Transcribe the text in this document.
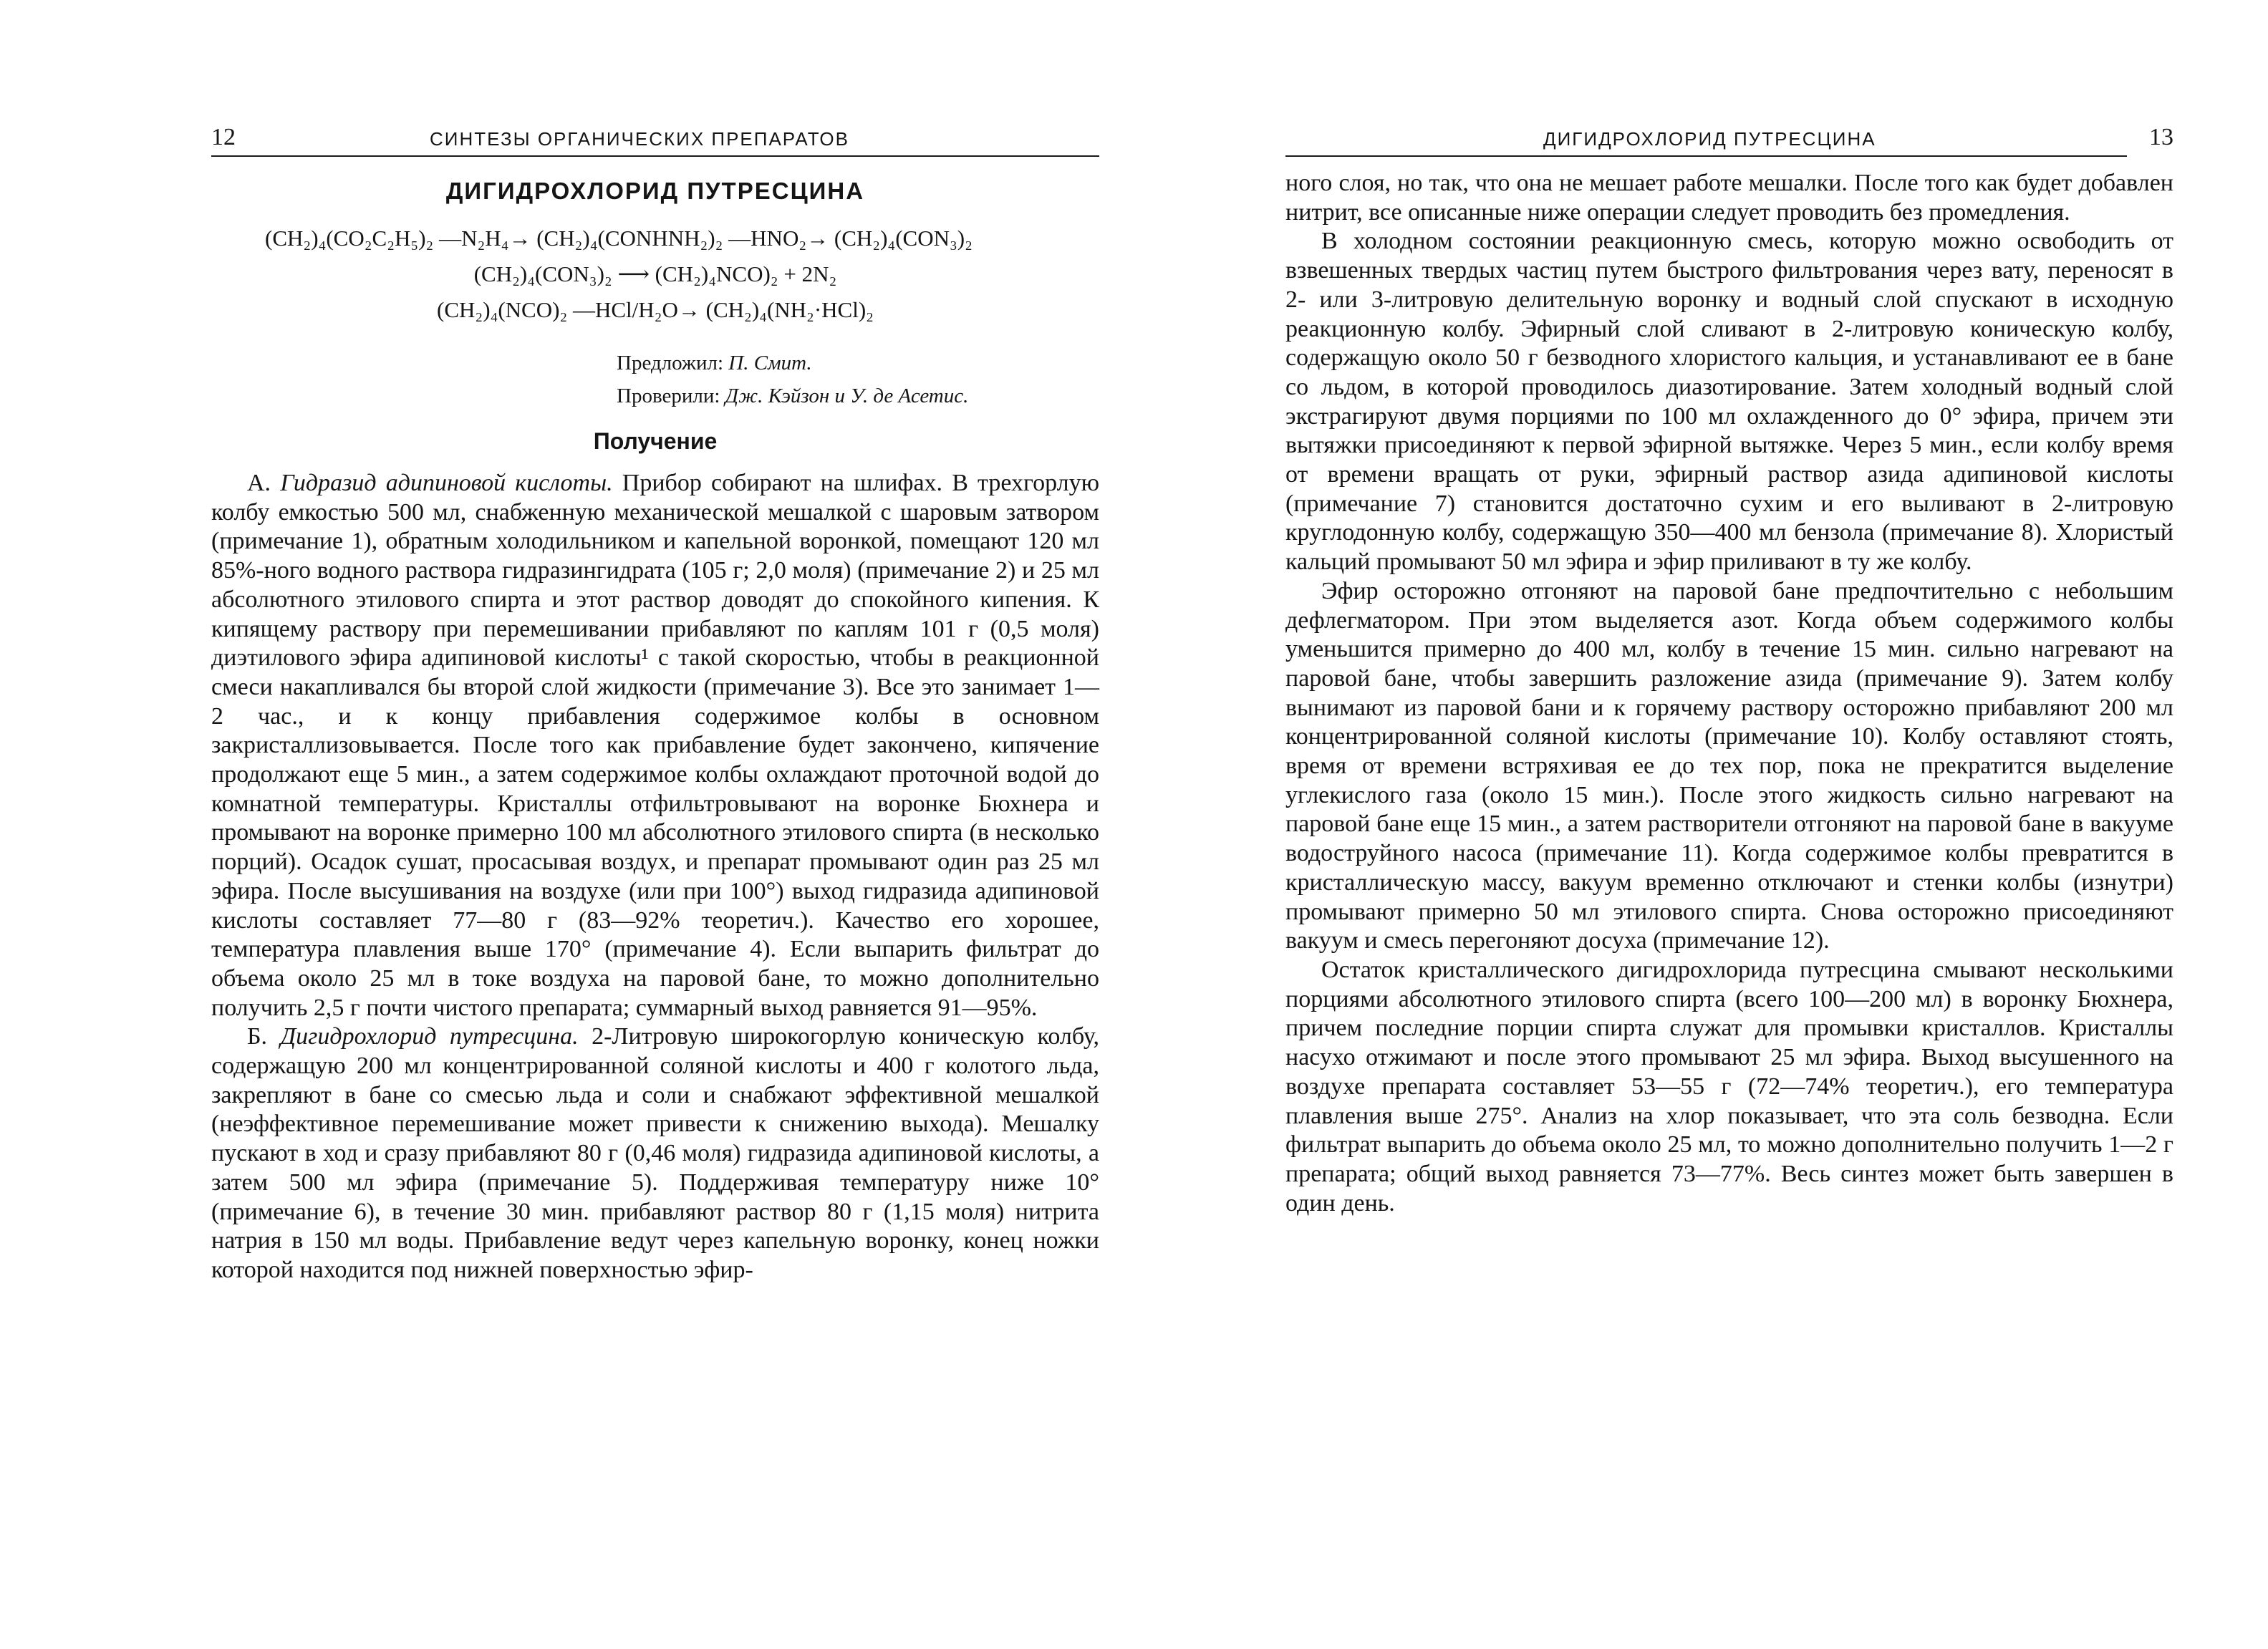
12	СИНТЕЗЫ ОРГАНИЧЕСКИХ ПРЕПАРАТОВ
ДИГИДРОХЛОРИД ПУТРЕСЦИНА
(CH₂)₄(CO₂C₂H₅)₂ —N₂H₄→ (CH₂)₄(CONHNH₂)₂ —HNO₂→ (CH₂)₄(CON₃)₂
(CH₂)₄(CON₃)₂ ⟶ (CH₂)₄NCO)₂ + 2N₂
(CH₂)₄(NCO)₂ —HCl/H₂O→ (CH₂)₄(NH₂·HCl)₂
Предложил: П. Смит.
Проверили: Дж. Кэйзон и У. де Асетис.
Получение

А. Гидразид адипиновой кислоты. Прибор собирают на шлифах. В трехгорлую колбу емкостью 500 мл, снабженную механической мешалкой с шаровым затвором (примечание 1), обратным холодильником и капельной воронкой, помещают 120 мл 85%-ного водного раствора гидразингидрата (105 г; 2,0 моля) (примечание 2) и 25 мл абсолютного этилового спирта и этот раствор доводят до спокойного кипения. К кипящему раствору при перемешивании прибавляют по каплям 101 г (0,5 моля) диэтилового эфира адипиновой кислоты¹ с такой скоростью, чтобы в реакционной смеси накапливался бы второй слой жидкости (примечание 3). Все это занимает 1—2 час., и к концу прибавления содержимое колбы в основном закристаллизовывается. После того как прибавление будет закончено, кипячение продолжают еще 5 мин., а затем содержимое колбы охлаждают проточной водой до комнатной температуры. Кристаллы отфильтровывают на воронке Бюхнера и промывают на воронке примерно 100 мл абсолютного этилового спирта (в несколько порций). Осадок сушат, просасывая воздух, и препарат промывают один раз 25 мл эфира. После высушивания на воздухе (или при 100°) выход гидразида адипиновой кислоты составляет 77—80 г (83—92% теоретич.). Качество его хорошее, температура плавления выше 170° (примечание 4). Если выпарить фильтрат до объема около 25 мл в токе воздуха на паровой бане, то можно дополнительно получить 2,5 г почти чистого препарата; суммарный выход равняется 91—95%.

Б. Дигидрохлорид путресцина. 2-Литровую широкогорлую коническую колбу, содержащую 200 мл концентрированной соляной кислоты и 400 г колотого льда, закрепляют в бане со смесью льда и соли и снабжают эффективной мешалкой (неэффективное перемешивание может привести к снижению выхода). Мешалку пускают в ход и сразу прибавляют 80 г (0,46 моля) гидразида адипиновой кислоты, а затем 500 мл эфира (примечание 5). Поддерживая температуру ниже 10° (примечание 6), в течение 30 мин. прибавляют раствор 80 г (1,15 моля) нитрита натрия в 150 мл воды. Прибавление ведут через капельную воронку, конец ножки которой находится под нижней поверхностью эфир-

ДИГИДРОХЛОРИД ПУТРЕСЦИНА	13

ного слоя, но так, что она не мешает работе мешалки. После того как будет добавлен нитрит, все описанные ниже операции следует проводить без промедления.

В холодном состоянии реакционную смесь, которую можно освободить от взвешенных твердых частиц путем быстрого фильтрования через вату, переносят в 2- или 3-литровую делительную воронку и водный слой спускают в исходную реакционную колбу. Эфирный слой сливают в 2-литровую коническую колбу, содержащую около 50 г безводного хлористого кальция, и устанавливают ее в бане со льдом, в которой проводилось диазотирование. Затем холодный водный слой экстрагируют двумя порциями по 100 мл охлажденного до 0° эфира, причем эти вытяжки присоединяют к первой эфирной вытяжке. Через 5 мин., если колбу время от времени вращать от руки, эфирный раствор азида адипиновой кислоты (примечание 7) становится достаточно сухим и его выливают в 2-литровую круглодонную колбу, содержащую 350—400 мл бензола (примечание 8). Хлористый кальций промывают 50 мл эфира и эфир приливают в ту же колбу.

Эфир осторожно отгоняют на паровой бане предпочтительно с небольшим дефлегматором. При этом выделяется азот. Когда объем содержимого колбы уменьшится примерно до 400 мл, колбу в течение 15 мин. сильно нагревают на паровой бане, чтобы завершить разложение азида (примечание 9). Затем колбу вынимают из паровой бани и к горячему раствору осторожно прибавляют 200 мл концентрированной соляной кислоты (примечание 10). Колбу оставляют стоять, время от времени встряхивая ее до тех пор, пока не прекратится выделение углекислого газа (около 15 мин.). После этого жидкость сильно нагревают на паровой бане еще 15 мин., а затем растворители отгоняют на паровой бане в вакууме водоструйного насоса (примечание 11). Когда содержимое колбы превратится в кристаллическую массу, вакуум временно отключают и стенки колбы (изнутри) промывают примерно 50 мл этилового спирта. Снова осторожно присоединяют вакуум и смесь перегоняют досуха (примечание 12).

Остаток кристаллического дигидрохлорида путресцина смывают несколькими порциями абсолютного этилового спирта (всего 100—200 мл) в воронку Бюхнера, причем последние порции спирта служат для промывки кристаллов. Кристаллы насухо отжимают и после этого промывают 25 мл эфира. Выход высушенного на воздухе препарата составляет 53—55 г (72—74% теоретич.), его температура плавления выше 275°. Анализ на хлор показывает, что эта соль безводна. Если фильтрат выпарить до объема около 25 мл, то можно дополнительно получить 1—2 г препарата; общий выход равняется 73—77%. Весь синтез может быть завершен в один день.
